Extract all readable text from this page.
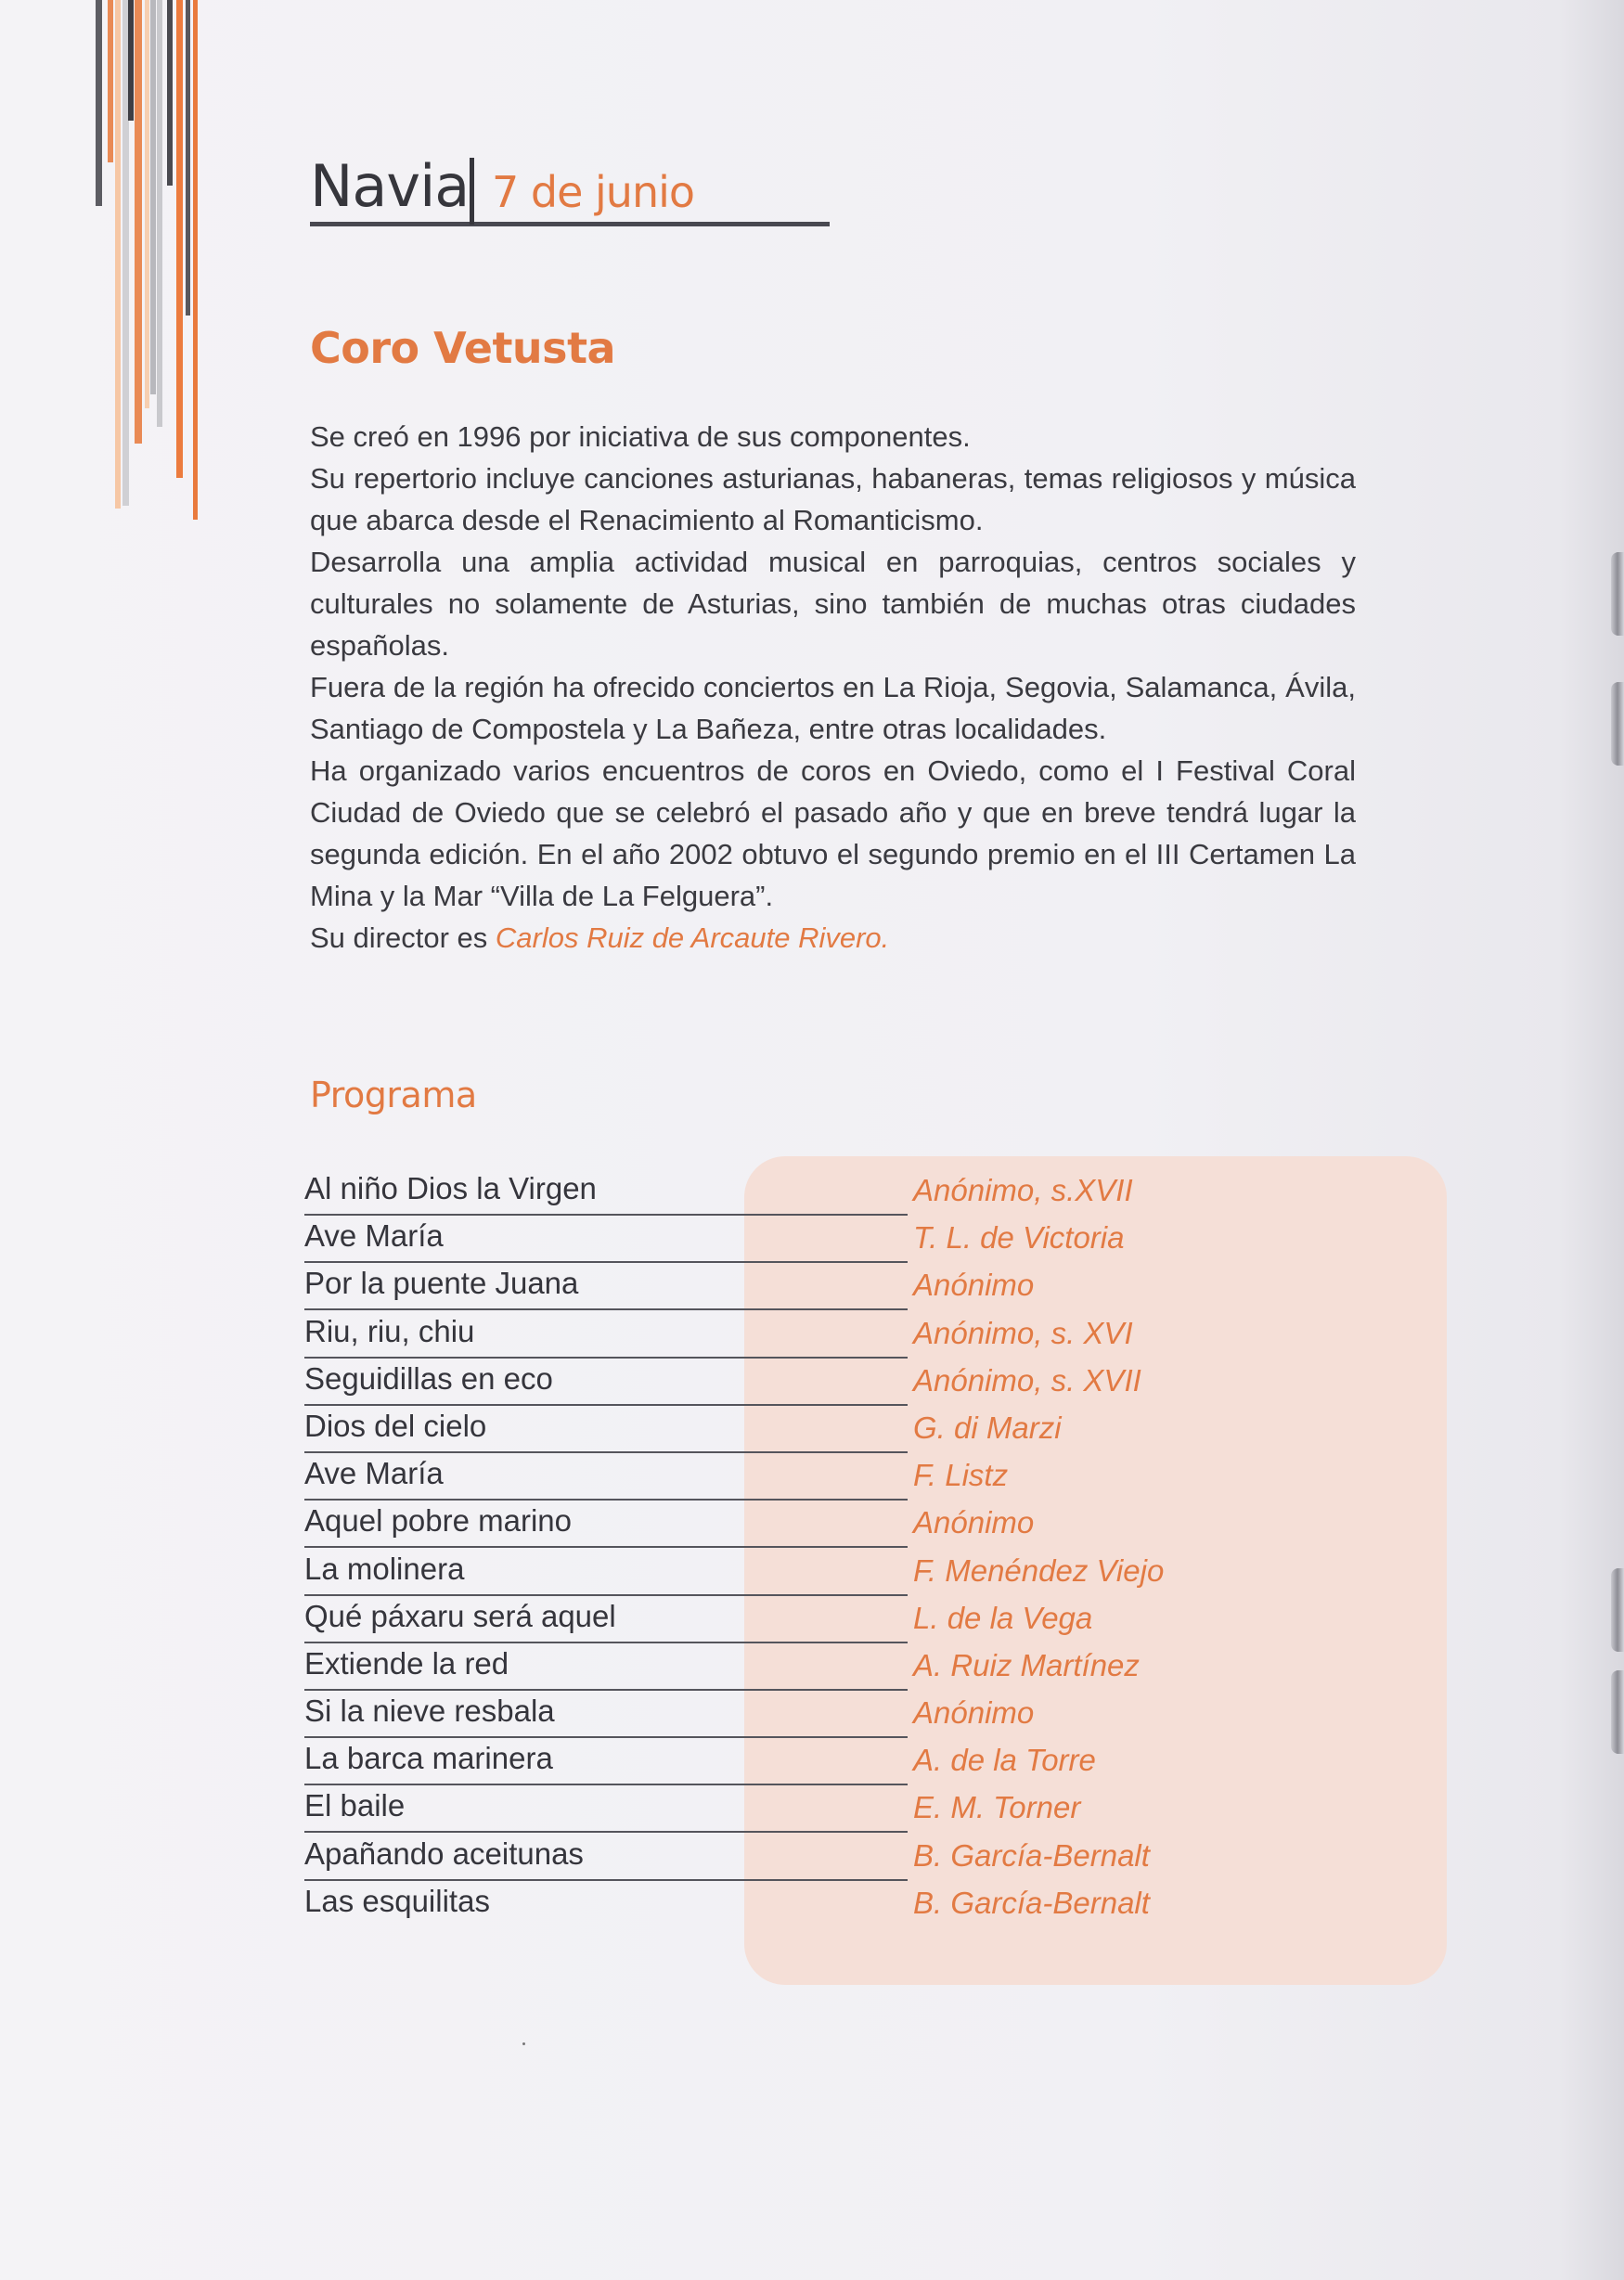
Navia 7 de junio
Coro Vetusta

Se creó en 1996 por iniciativa de sus componentes.

Su repertorio incluye canciones asturianas, habaneras, temas religiosos y música que abarca desde el Renacimiento al Romanticismo.

Desarrolla una amplia actividad musical en parroquias, centros sociales y culturales no solamente de Asturias, sino también de muchas otras ciudades españolas.

Fuera de la región ha ofrecido conciertos en La Rioja, Segovia, Salamanca, Ávila, Santiago de Compostela y La Bañeza, entre otras localidades.

Ha organizado varios encuentros de coros en Oviedo, como el I Festival Coral Ciudad de Oviedo que se celebró el pasado año y que en breve tendrá lugar la segunda edición. En el año 2002 obtuvo el segundo premio en el III Certamen La Mina y la Mar “Villa de La Felguera”.

Su director es Carlos Ruiz de Arcaute Rivero.

Programa
Al niño Dios la Virgen	Anónimo, s.XVII
Ave María	T. L. de Victoria
Por la puente Juana	Anónimo
Riu, riu, chiu	Anónimo, s. XVI
Seguidillas en eco	Anónimo, s. XVII
Dios del cielo	G. di Marzi
Ave María	F. Listz
Aquel pobre marino	Anónimo
La molinera	F. Menéndez Viejo
Qué páxaru será aquel	L. de la Vega
Extiende la red	A. Ruiz Martínez
Si la nieve resbala	Anónimo
La barca marinera	A. de la Torre
El baile	E. M. Torner
Apañando aceitunas	B. García-Bernalt
Las esquilitas	B. García-Bernalt
